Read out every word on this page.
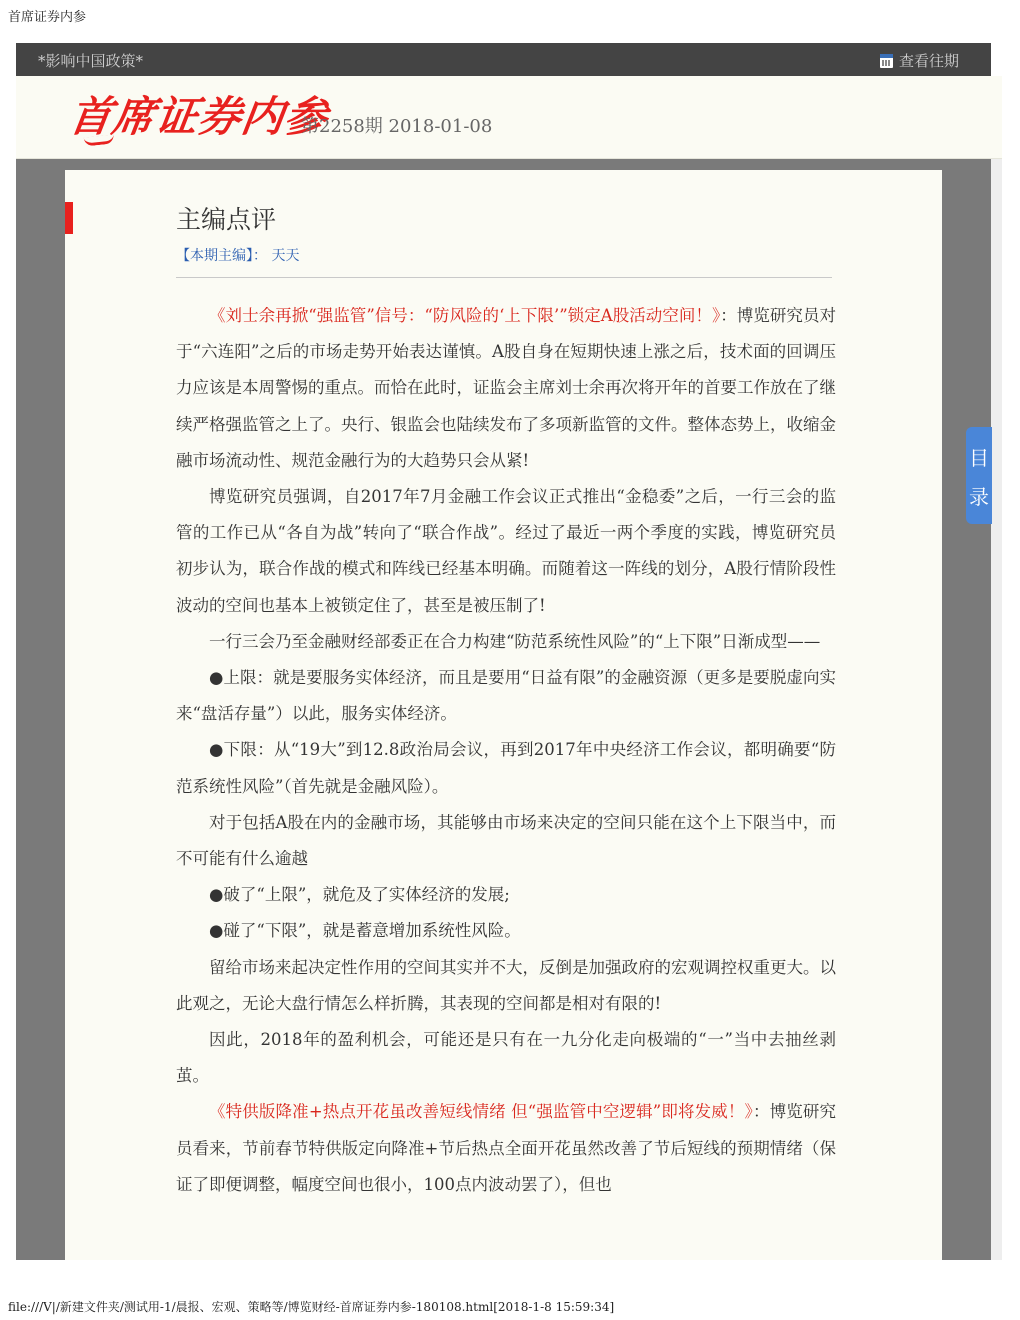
首席证券内参
*影响中国政策*	查看往期
首席证券内参
第2258期 2018-01-08
主编点评
【本期主编】： 天天

《刘士余再掀“强监管”信号：“防风险的‘上下限’”锁定A股活动空间！》：博览研究员对于“六连阳”之后的市场走势开始表达谨慎。A股自身在短期快速上涨之后，技术面的回调压力应该是本周警惕的重点。而恰在此时，证监会主席刘士余再次将开年的首要工作放在了继续严格强监管之上了。央行、银监会也陆续发布了多项新监管的文件。整体态势上，收缩金融市场流动性、规范金融行为的大趋势只会从紧!

博览研究员强调，自2017年7月金融工作会议正式推出“金稳委”之后，一行三会的监管的工作已从“各自为战”转向了“联合作战”。经过了最近一两个季度的实践，博览研究员初步认为，联合作战的模式和阵线已经基本明确。而随着这一阵线的划分，A股行情阶段性波动的空间也基本上被锁定住了，甚至是被压制了!

一行三会乃至金融财经部委正在合力构建“防范系统性风险”的“上下限”日渐成型——

●上限：就是要服务实体经济，而且是要用“日益有限”的金融资源（更多是要脱虚向实来“盘活存量”）以此，服务实体经济。

●下限：从“19大”到12.8政治局会议，再到2017年中央经济工作会议，都明确要“防范系统性风险”（首先就是金融风险）。

对于包括A股在内的金融市场，其能够由市场来决定的空间只能在这个上下限当中，而不可能有什么逾越

●破了“上限”，就危及了实体经济的发展;

●碰了“下限”，就是蓄意增加系统性风险。

留给市场来起决定性作用的空间其实并不大，反倒是加强政府的宏观调控权重更大。以此观之，无论大盘行情怎么样折腾，其表现的空间都是相对有限的!

因此，2018年的盈利机会，可能还是只有在一九分化走向极端的“一”当中去抽丝剥茧。

《特供版降准+热点开花虽改善短线情绪 但“强监管中空逻辑”即将发威！》：博览研究员看来，节前春节特供版定向降准+节后热点全面开花虽然改善了节后短线的预期情绪（保证了即便调整，幅度空间也很小，100点内波动罢了），但也

目
录
file:///V|/新建文件夹/测试用-1/晨报、宏观、策略等/博览财经-首席证券内参-180108.html[2018-1-8 15:59:34]
